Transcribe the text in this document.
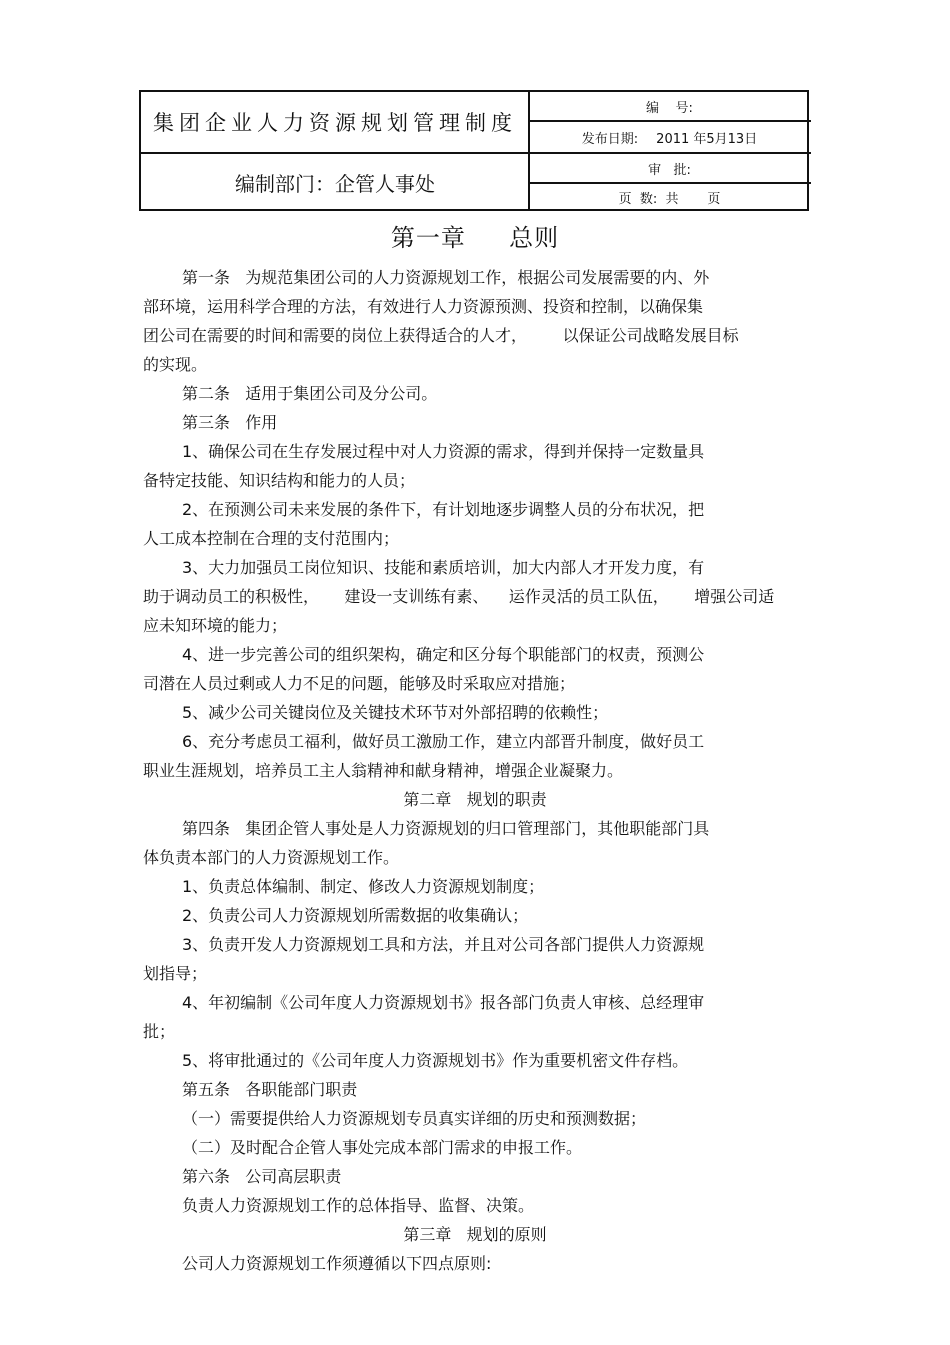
集团企业人力资源规划管理制度
编制部门：企管人事处
编    号:
发布日期: 2011 年5月13日
审   批:
页  数:  共       页
第一章     总则
第一条   为规范集团公司的人力资源规划工作，根据公司发展需要的内、外
部环境，运用科学合理的方法，有效进行人力资源预测、投资和控制，以确保集
团公司在需要的时间和需要的岗位上获得适合的人才，       以保证公司战略发展目标
的实现。
第二条   适用于集团公司及分公司。
第三条   作用
1、确保公司在生存发展过程中对人力资源的需求，得到并保持一定数量具
备特定技能、知识结构和能力的人员；
2、在预测公司未来发展的条件下，有计划地逐步调整人员的分布状况，把
人工成本控制在合理的支付范围内；
3、大力加强员工岗位知识、技能和素质培训，加大内部人才开发力度，有
助于调动员工的积极性，     建设一支训练有素、    运作灵活的员工队伍，     增强公司适
应未知环境的能力；
4、进一步完善公司的组织架构，确定和区分每个职能部门的权责，预测公
司潜在人员过剩或人力不足的问题，能够及时采取应对措施；
5、减少公司关键岗位及关键技术环节对外部招聘的依赖性；
6、充分考虑员工福利，做好员工激励工作，建立内部晋升制度，做好员工
职业生涯规划，培养员工主人翁精神和献身精神，增强企业凝聚力。
第二章   规划的职责
第四条   集团企管人事处是人力资源规划的归口管理部门，其他职能部门具
体负责本部门的人力资源规划工作。
1、负责总体编制、制定、修改人力资源规划制度；
2、负责公司人力资源规划所需数据的收集确认；
3、负责开发人力资源规划工具和方法，并且对公司各部门提供人力资源规
划指导；
4、年初编制《公司年度人力资源规划书》报各部门负责人审核、总经理审
批；
5、将审批通过的《公司年度人力资源规划书》作为重要机密文件存档。
第五条   各职能部门职责
（一）需要提供给人力资源规划专员真实详细的历史和预测数据；
（二）及时配合企管人事处完成本部门需求的申报工作。
第六条   公司高层职责
负责人力资源规划工作的总体指导、监督、决策。
第三章   规划的原则
公司人力资源规划工作须遵循以下四点原则:
